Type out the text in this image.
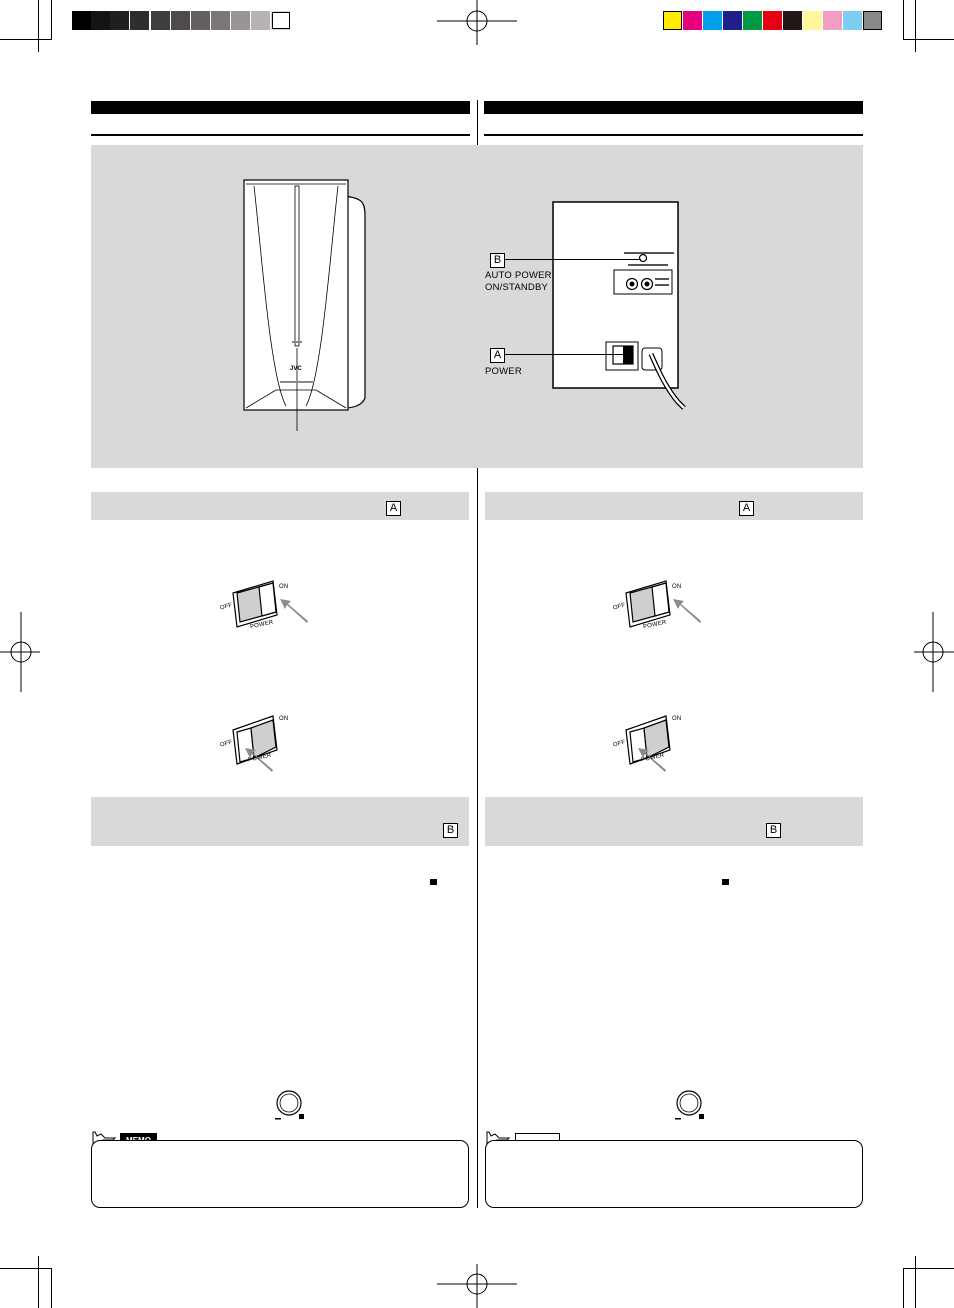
JVC
B
AUTO POWER
ON/STANDBY
A
POWER
A
OFF
ON
POWER
OFF
ON
POWER
B
A
OFF
ON
POWER
OFF
ON
POWER
B
